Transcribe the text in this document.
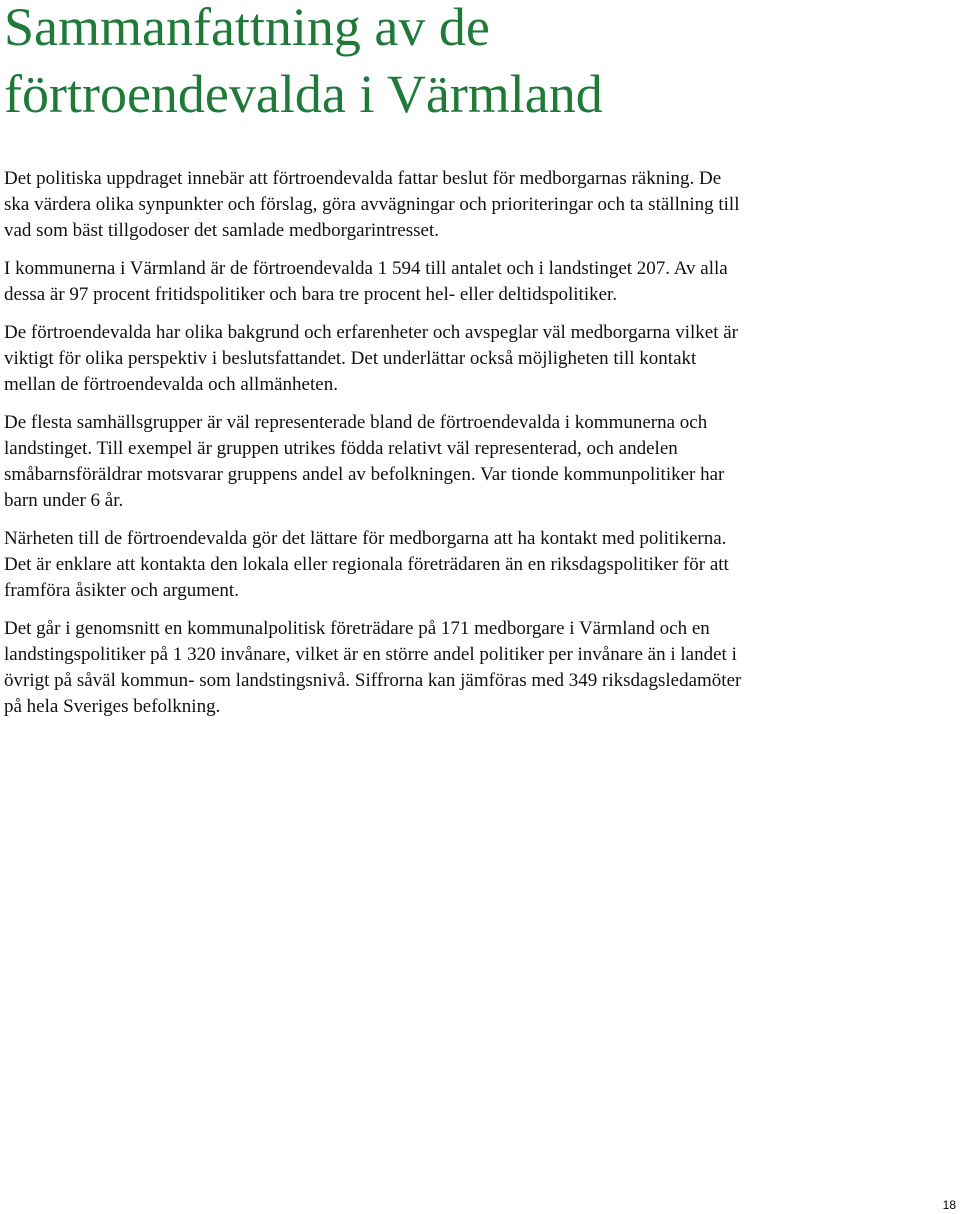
Sammanfattning av de
förtroendevalda i Värmland

Det politiska uppdraget innebär att förtroendevalda fattar beslut för medborgarnas räkning. De ska värdera olika synpunkter och förslag, göra avvägningar och prioriteringar och ta ställning till vad som bäst tillgodoser det samlade medborgarintresset.

I kommunerna i Värmland är de förtroendevalda 1 594 till antalet och i landstinget 207. Av alla dessa är 97 procent fritidspolitiker och bara tre procent hel- eller deltidspolitiker.

De förtroendevalda har olika bakgrund och erfarenheter och avspeglar väl medborgarna vilket är viktigt för olika perspektiv i beslutsfattandet. Det underlättar också möjligheten till kontakt mellan de förtroendevalda och allmänheten.

De flesta samhällsgrupper är väl representerade bland de förtroendevalda i kommunerna och landstinget. Till exempel är gruppen utrikes födda relativt väl representerad, och andelen småbarnsföräldrar motsvarar gruppens andel av befolkningen. Var tionde kommunpolitiker har barn under 6 år.

Närheten till de förtroendevalda gör det lättare för medborgarna att ha kontakt med politikerna. Det är enklare att kontakta den lokala eller regionala företrädaren än en riksdagspolitiker för att framföra åsikter och argument.

Det går i genomsnitt en kommunalpolitisk företrädare på 171 medborgare i Värmland och en landstingspolitiker på 1 320 invånare, vilket är en större andel politiker per invånare än i landet i övrigt på såväl kommun- som landstingsnivå. Siffrorna kan jämföras med 349 riksdagsledamöter på hela Sveriges befolkning.

18
